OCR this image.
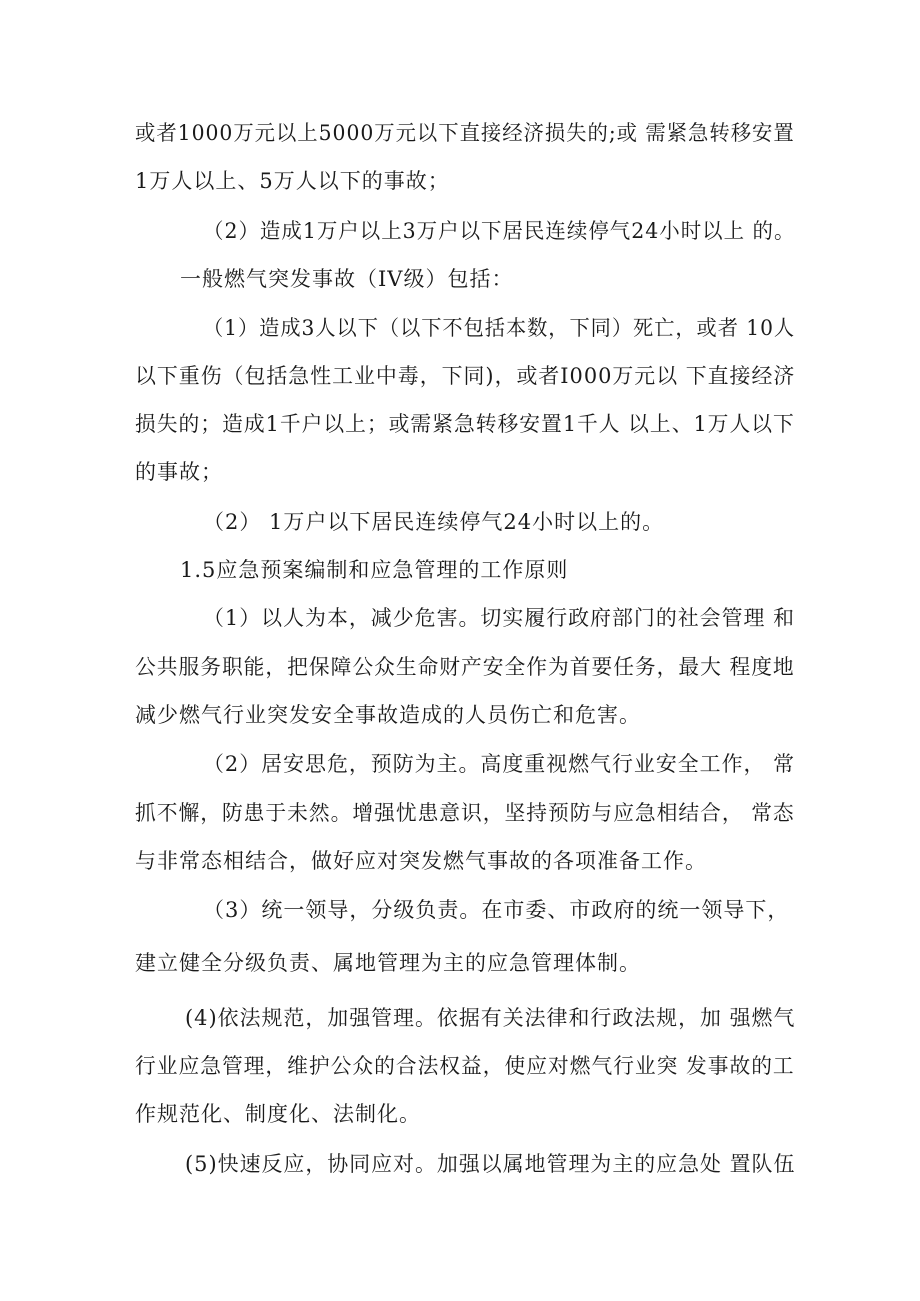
或者1000万元以上5000万元以下直接经济损失的;或 需紧急转移安置
1万人以上、5万人以下的事故；
（2）造成1万户以上3万户以下居民连续停气24小时以上 的。
一般燃气突发事故（IV级）包括：
（1）造成3人以下（以下不包括本数，下同）死亡，或者 10人
以下重伤（包括急性工业中毒，下同)，或者I000万元以 下直接经济
损失的；造成1千户以上；或需紧急转移安置1千人 以上、1万人以下
的事故；
（2） 1万户以下居民连续停气24小时以上的。
1.5应急预案编制和应急管理的工作原则
（1）以人为本，减少危害。切实履行政府部门的社会管理 和
公共服务职能，把保障公众生命财产安全作为首要任务，最大 程度地
减少燃气行业突发安全事故造成的人员伤亡和危害。
（2）居安思危，预防为主。高度重视燃气行业安全工作， 常
抓不懈，防患于未然。增强忧患意识，坚持预防与应急相结合， 常态
与非常态相结合，做好应对突发燃气事故的各项准备工作。
（3）统一领导，分级负责。在市委、市政府的统一领导下，
建立健全分级负责、属地管理为主的应急管理体制。
(4)依法规范，加强管理。依据有关法律和行政法规，加 强燃气
行业应急管理，维护公众的合法权益，使应对燃气行业突 发事故的工
作规范化、制度化、法制化。
(5)快速反应，协同应对。加强以属地管理为主的应急处 置队伍
